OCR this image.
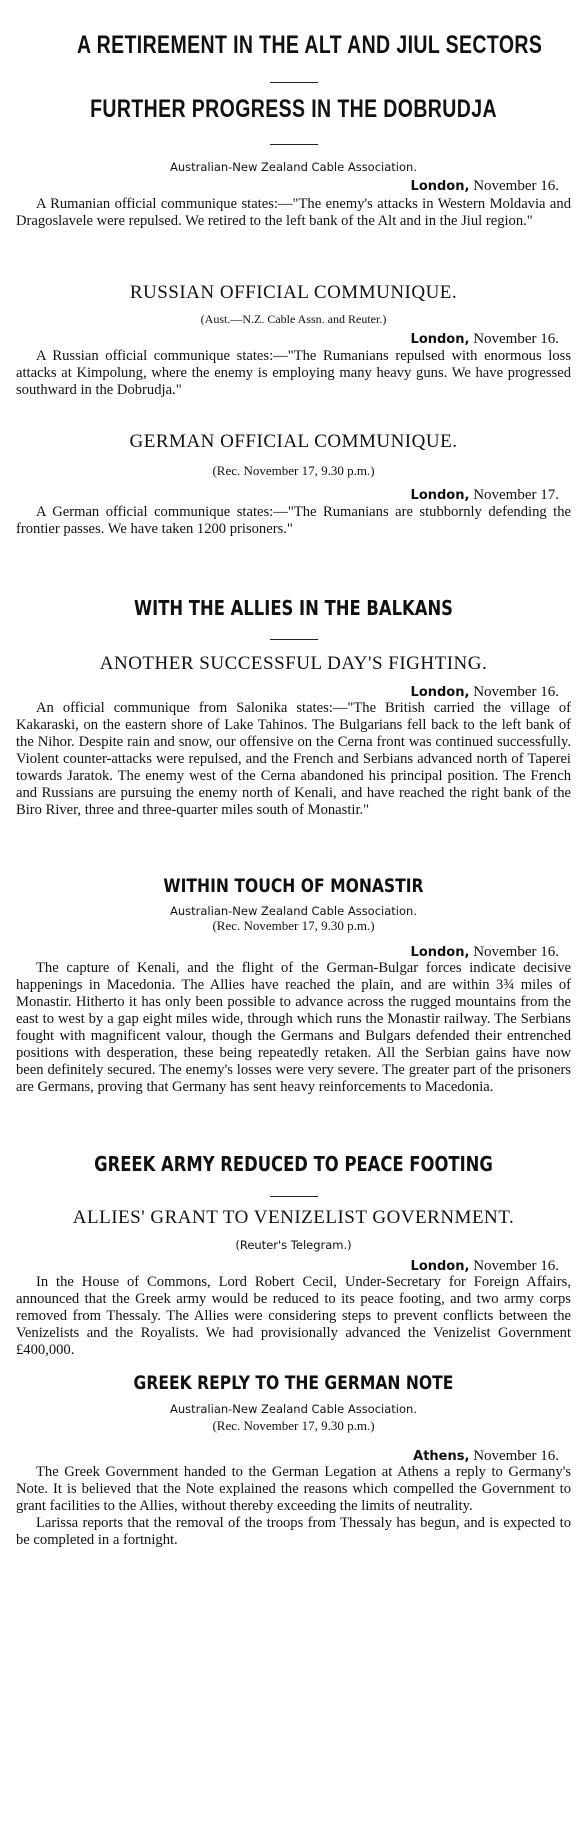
A RETIREMENT IN THE ALT AND JIUL SECTORS
FURTHER PROGRESS IN THE DOBRUDJA
Australian-New Zealand Cable Association.
London, November 16.

A Rumanian official communique states:—"The enemy's attacks in Western Moldavia and Dragoslavele were repulsed. We retired to the left bank of the Alt and in the Jiul region."

RUSSIAN OFFICIAL COMMUNIQUE.
(Aust.—N.Z. Cable Assn. and Reuter.)
London, November 16.

A Russian official communique states:—"The Rumanians repulsed with enormous loss attacks at Kimpolung, where the enemy is employing many heavy guns. We have progressed southward in the Dobrudja."

GERMAN OFFICIAL COMMUNIQUE.
(Rec. November 17, 9.30 p.m.)
London, November 17.

A German official communique states:—"The Rumanians are stubbornly defending the frontier passes. We have taken 1200 prisoners."

WITH THE ALLIES IN THE BALKANS
ANOTHER SUCCESSFUL DAY'S FIGHTING.
London, November 16.

An official communique from Salonika states:—"The British carried the village of Kakaraski, on the eastern shore of Lake Tahinos. The Bulgarians fell back to the left bank of the Nihor. Despite rain and snow, our offensive on the Cerna front was continued successfully. Violent counter-attacks were repulsed, and the French and Serbians advanced north of Taperei towards Jaratok. The enemy west of the Cerna abandoned his principal position. The French and Russians are pursuing the enemy north of Kenali, and have reached the right bank of the Biro River, three and three-quarter miles south of Monastir."

WITHIN TOUCH OF MONASTIR
Australian-New Zealand Cable Association.
(Rec. November 17, 9.30 p.m.)
London, November 16.

The capture of Kenali, and the flight of the German-Bulgar forces indicate decisive happenings in Macedonia. The Allies have reached the plain, and are within 3¾ miles of Monastir. Hitherto it has only been possible to advance across the rugged mountains from the east to west by a gap eight miles wide, through which runs the Monastir railway. The Serbians fought with magnificent valour, though the Germans and Bulgars defended their entrenched positions with desperation, these being repeatedly retaken. All the Serbian gains have now been definitely secured. The enemy's losses were very severe. The greater part of the prisoners are Germans, proving that Germany has sent heavy reinforcements to Macedonia.

GREEK ARMY REDUCED TO PEACE FOOTING
ALLIES' GRANT TO VENIZELIST GOVERNMENT.
(Reuter's Telegram.)
London, November 16.

In the House of Commons, Lord Robert Cecil, Under-Secretary for Foreign Affairs, announced that the Greek army would be reduced to its peace footing, and two army corps removed from Thessaly. The Allies were considering steps to prevent conflicts between the Venizelists and the Royalists. We had provisionally advanced the Venizelist Government £400,000.

GREEK REPLY TO THE GERMAN NOTE
Australian-New Zealand Cable Association.
(Rec. November 17, 9.30 p.m.)
Athens, November 16.

The Greek Government handed to the German Legation at Athens a reply to Germany's Note. It is believed that the Note explained the reasons which compelled the Government to grant facilities to the Allies, without thereby exceeding the limits of neutrality.

Larissa reports that the removal of the troops from Thessaly has begun, and is expected to be completed in a fortnight.
